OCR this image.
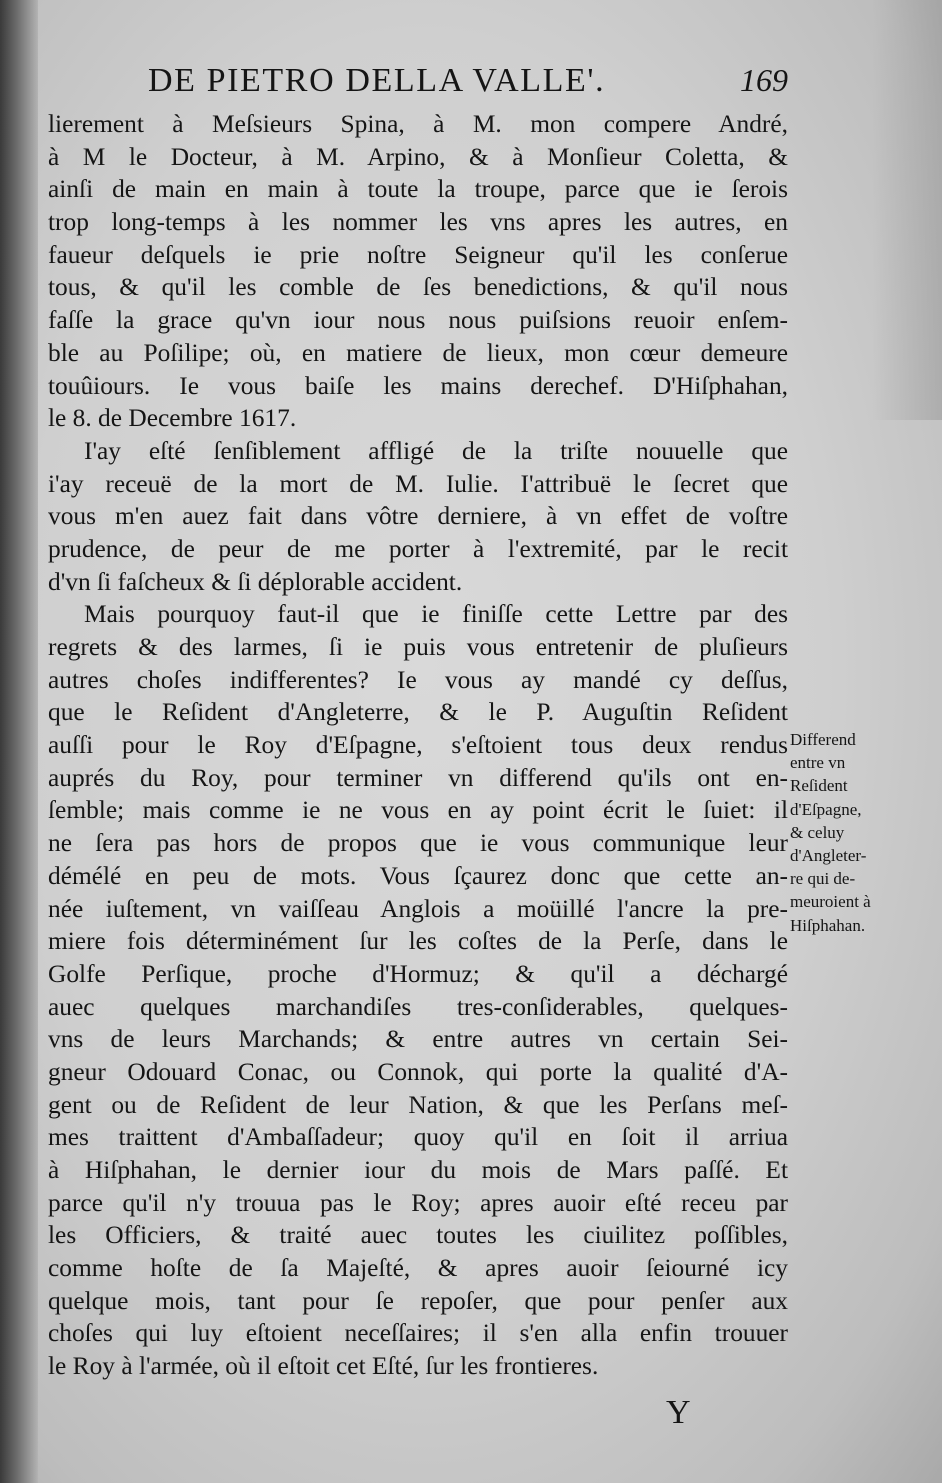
DE PIETRO DELLA VALLE'.	169
lierement à Meſsieurs Spina, à M. mon compere André,
à M le Docteur, à M. Arpino, & à Monſieur Coletta, &
ainſi de main en main à toute la troupe, parce que ie ſerois
trop long-temps à les nommer les vns apres les autres, en
faueur deſquels ie prie noſtre Seigneur qu'il les conſerue
tous, & qu'il les comble de ſes benedictions, & qu'il nous
faſſe la grace qu'vn iour nous nous puiſsions reuoir enſem-
ble au Poſilipe; où, en matiere de lieux, mon cœur demeure
touûiours. Ie vous baiſe les mains derechef. D'Hiſphahan,
le 8. de Decembre 1617.
I'ay eſté ſenſiblement affligé de la triſte nouuelle que
i'ay receuë de la mort de M. Iulie. I'attribuë le ſecret que
vous m'en auez fait dans vôtre derniere, à vn effet de voſtre
prudence, de peur de me porter à l'extremité, par le recit
d'vn ſi faſcheux & ſi déplorable accident.
Mais pourquoy faut-il que ie finiſſe cette Lettre par des
regrets & des larmes, ſi ie puis vous entretenir de pluſieurs
autres choſes indifferentes? Ie vous ay mandé cy deſſus,
que le Reſident d'Angleterre, & le P. Auguſtin Reſident
auſſi pour le Roy d'Eſpagne, s'eſtoient tous deux rendus
auprés du Roy, pour terminer vn differend qu'ils ont en-
ſemble; mais comme ie ne vous en ay point écrit le ſuiet: il
ne ſera pas hors de propos que ie vous communique leur
démélé en peu de mots. Vous ſçaurez donc que cette an-
née iuſtement, vn vaiſſeau Anglois a moüillé l'ancre la pre-
miere fois déterminément ſur les coſtes de la Perſe, dans le
Golfe Perſique, proche d'Hormuz; & qu'il a déchargé
auec quelques marchandiſes tres-conſiderables, quelques-
vns de leurs Marchands; & entre autres vn certain Sei-
gneur Odouard Conac, ou Connok, qui porte la qualité d'A-
gent ou de Reſident de leur Nation, & que les Perſans meſ-
mes traittent d'Ambaſſadeur; quoy qu'il en ſoit il arriua
à Hiſphahan, le dernier iour du mois de Mars paſſé. Et
parce qu'il n'y trouua pas le Roy; apres auoir eſté receu par
les Officiers, & traité auec toutes les ciuilitez poſſibles,
comme hoſte de ſa Majeſté, & apres auoir ſeiourné icy
quelque mois, tant pour ſe repoſer, que pour penſer aux
choſes qui luy eſtoient neceſſaires; il s'en alla enfin trouuer
le Roy à l'armée, où il eſtoit cet Eſté, ſur les frontieres.
Differend
entre vn
Reſident
d'Eſpagne,
& celuy
d'Angleter-
re qui de-
meuroient à
Hiſphahan.
Y
